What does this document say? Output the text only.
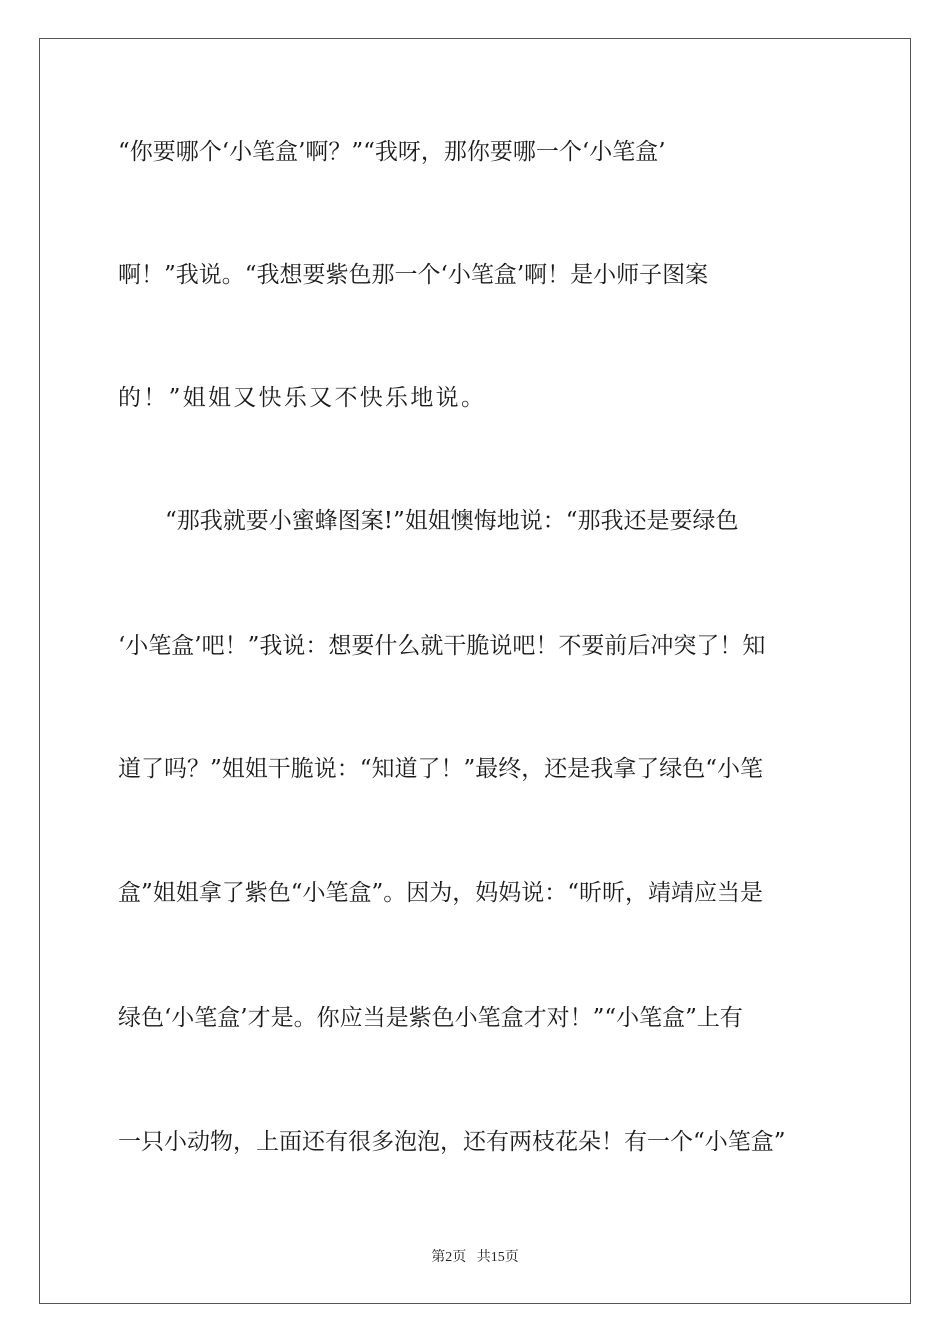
“你要哪个‘小笔盒’啊？”“我呀，那你要哪一个‘小笔盒’
啊！”我说。“我想要紫色那一个‘小笔盒’啊！是小师子图案
的！”姐姐又快乐又不快乐地说。
“那我就要小蜜蜂图案!”姐姐懊悔地说：“那我还是要绿色
‘小笔盒’吧！”我说：想要什么就干脆说吧！不要前后冲突了！知
道了吗？”姐姐干脆说：“知道了！”最终，还是我拿了绿色“小笔
盒”姐姐拿了紫色“小笔盒”。因为，妈妈说：“昕昕，靖靖应当是
绿色‘小笔盒’才是。你应当是紫色小笔盒才对！”“小笔盒”上有
一只小动物，上面还有很多泡泡，还有两枝花朵！有一个“小笔盒”
第2页 共15页
